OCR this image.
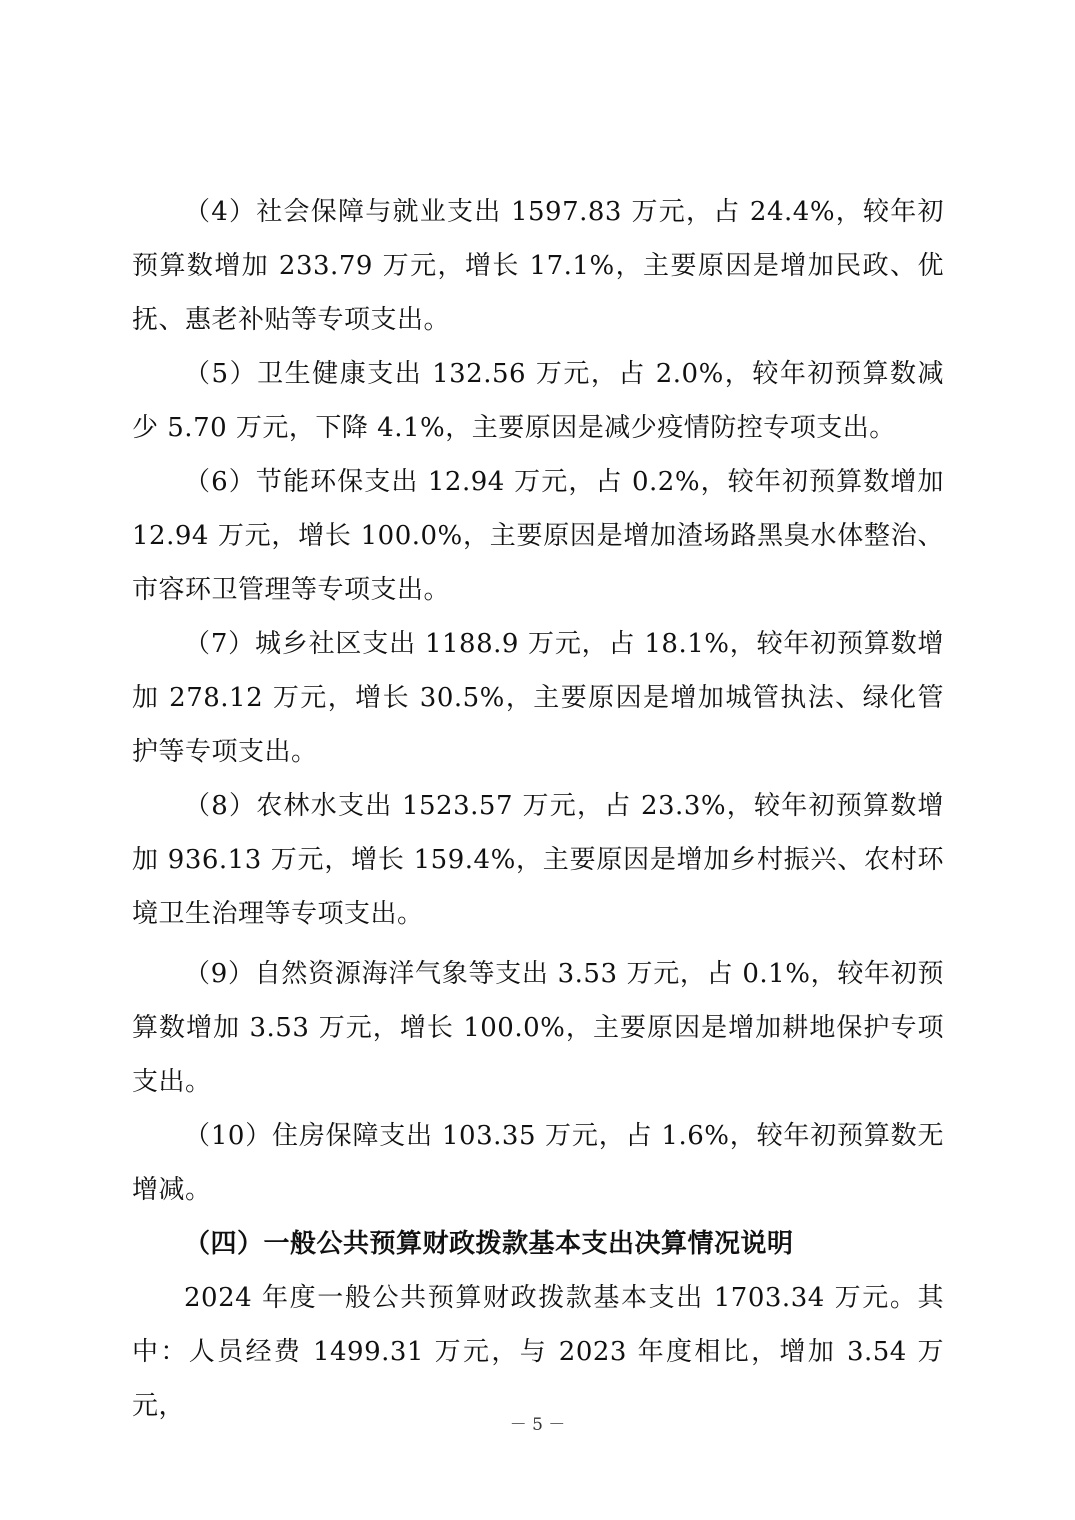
（4）社会保障与就业支出 1597.83 万元，占 24.4%，较年初预算数增加 233.79 万元，增长 17.1%，主要原因是增加民政、优抚、惠老补贴等专项支出。

（5）卫生健康支出 132.56 万元，占 2.0%，较年初预算数减少 5.70 万元，下降 4.1%，主要原因是减少疫情防控专项支出。

（6）节能环保支出 12.94 万元，占 0.2%，较年初预算数增加 12.94 万元，增长 100.0%，主要原因是增加渣场路黑臭水体整治、市容环卫管理等专项支出。

（7）城乡社区支出 1188.9 万元，占 18.1%，较年初预算数增加 278.12 万元，增长 30.5%，主要原因是增加城管执法、绿化管护等专项支出。

（8）农林水支出 1523.57 万元，占 23.3%，较年初预算数增加 936.13 万元，增长 159.4%，主要原因是增加乡村振兴、农村环境卫生治理等专项支出。

（9）自然资源海洋气象等支出 3.53 万元，占 0.1%，较年初预算数增加 3.53 万元，增长 100.0%，主要原因是增加耕地保护专项支出。

（10）住房保障支出 103.35 万元，占 1.6%，较年初预算数无增减。

（四）一般公共预算财政拨款基本支出决算情况说明

2024 年度一般公共预算财政拨款基本支出 1703.34 万元。其中：人员经费 1499.31 万元，与 2023 年度相比，增加 3.54 万元，

－ 5 －
